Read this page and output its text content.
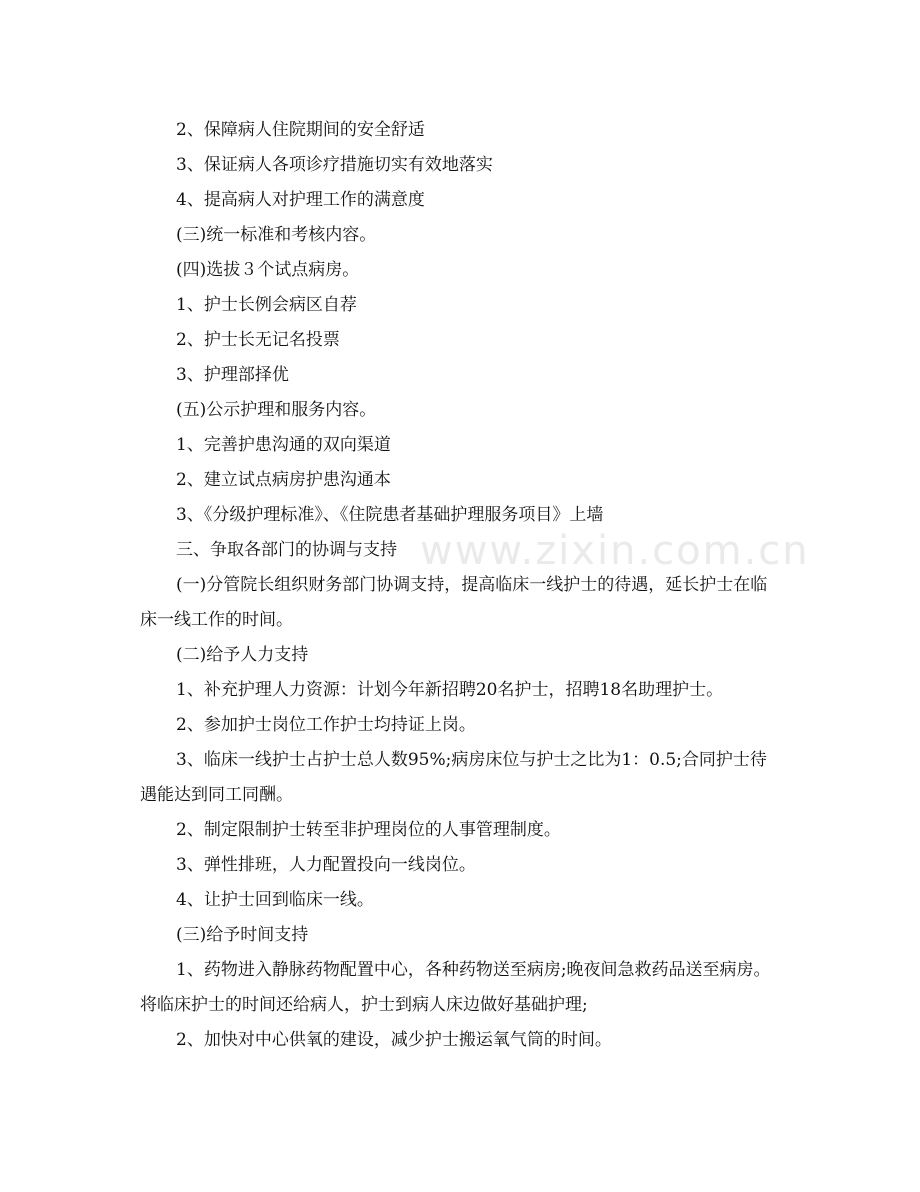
2、保障病人住院期间的安全舒适

3、保证病人各项诊疗措施切实有效地落实

4、提高病人对护理工作的满意度

(三)统一标准和考核内容。

(四)选拔３个试点病房。

1、护士长例会病区自荐

2、护士长无记名投票

3、护理部择优

(五)公示护理和服务内容。

1、完善护患沟通的双向渠道

2、建立试点病房护患沟通本

3、《分级护理标准》、《住院患者基础护理服务项目》上墙

三、争取各部门的协调与支持

(一)分管院长组织财务部门协调支持，提高临床一线护士的待遇，延长护士在临床一线工作的时间。

(二)给予人力支持

1、补充护理人力资源：计划今年新招聘20名护士，招聘18名助理护士。

2、参加护士岗位工作护士均持证上岗。

3、临床一线护士占护士总人数95%;病房床位与护士之比为1：0.5;合同护士待遇能达到同工同酬。

2、制定限制护士转至非护理岗位的人事管理制度。

3、弹性排班，人力配置投向一线岗位。

4、让护士回到临床一线。

(三)给予时间支持

1、药物进入静脉药物配置中心，各种药物送至病房;晚夜间急救药品送至病房。将临床护士的时间还给病人，护士到病人床边做好基础护理;

2、加快对中心供氧的建设，减少护士搬运氧气筒的时间。

www.zixin.com.cn
